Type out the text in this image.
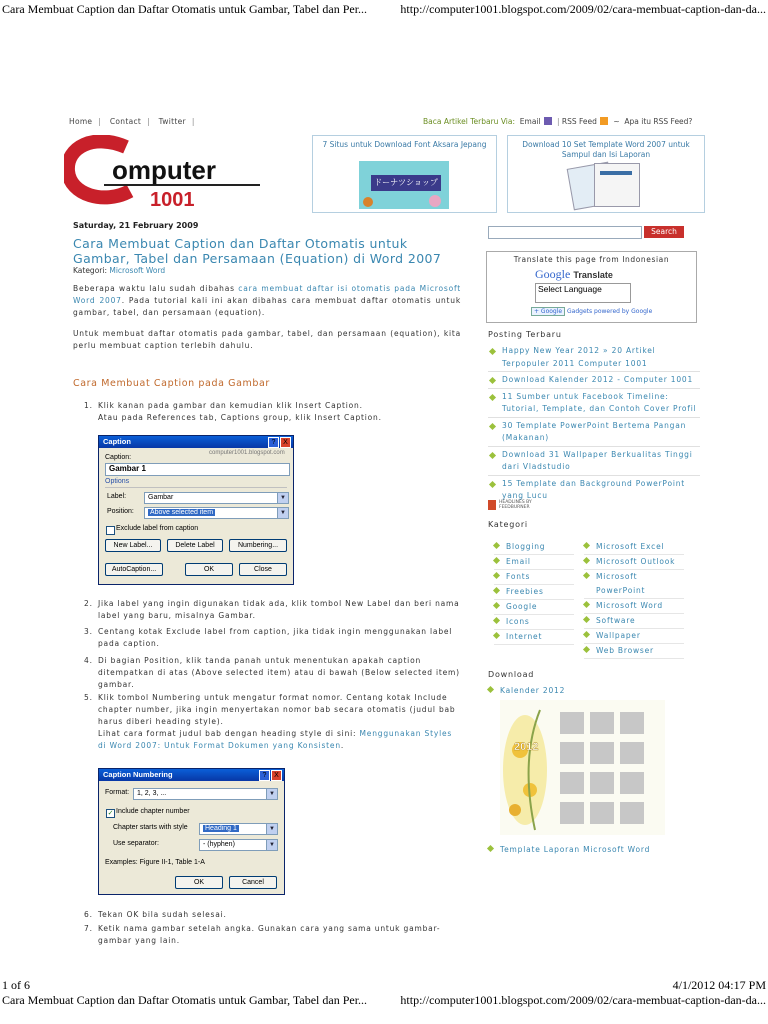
Cara Membuat Caption dan Daftar Otomatis untuk Gambar, Tabel dan Per...	http://computer1001.blogspot.com/2009/02/cara-membuat-caption-dan-da...
Home | Contact | Twitter |	Baca Artikel Terbaru Via: Email | RSS Feed ~ Apa itu RSS Feed?
omputer
1001
7 Situs untuk Download Font Aksara Jepang
ドーナツショップ
Download 10 Set Template Word 2007 untuk Sampul dan Isi Laporan
Saturday, 21 February 2009
Cara Membuat Caption dan Daftar Otomatis untuk Gambar, Tabel dan Persamaan (Equation) di Word 2007
Kategori: Microsoft Word
Beberapa waktu lalu sudah dibahas cara membuat daftar isi otomatis pada Microsoft Word 2007. Pada tutorial kali ini akan dibahas cara membuat daftar otomatis untuk gambar, tabel, dan persamaan (equation).
Untuk membuat daftar otomatis pada gambar, tabel, dan persamaan (equation), kita perlu membuat caption terlebih dahulu.
Cara Membuat Caption pada Gambar
1. Klik kanan pada gambar dan kemudian klik Insert Caption.
Atau pada References tab, Captions group, klik Insert Caption.
Caption	? X
computer1001.blogspot.com
Caption:
Gambar 1
Options
Label:	Gambar	▼
Position:	Above selected item	▼
Exclude label from caption
New Label...	Delete Label	Numbering...
AutoCaption...	OK	Close
2. Jika label yang ingin digunakan tidak ada, klik tombol New Label dan beri nama label yang baru, misalnya Gambar.
3. Centang kotak Exclude label from caption, jika tidak ingin menggunakan label pada caption.
4. Di bagian Position, klik tanda panah untuk menentukan apakah caption ditempatkan di atas (Above selected item) atau di bawah (Below selected item) gambar.
5. Klik tombol Numbering untuk mengatur format nomor. Centang kotak Include chapter number, jika ingin menyertakan nomor bab secara otomatis (judul bab harus diberi heading style).
Lihat cara format judul bab dengan heading style di sini: Menggunakan Styles di Word 2007: Untuk Format Dokumen yang Konsisten.
Caption Numbering	? X
Format:	1, 2, 3, ...	▼
✓ Include chapter number
Chapter starts with style	Heading 1	▼
Use separator:	- (hyphen)	▼
Examples: Figure II-1, Table 1-A
OK	Cancel
6. Tekan OK bila sudah selesai.
7. Ketik nama gambar setelah angka. Gunakan cara yang sama untuk gambar-gambar yang lain.
Search
Translate this page from Indonesian
Google Translate
Select Language
+ Google Gadgets powered by Google
Posting Terbaru
Happy New Year 2012 » 20 Artikel Terpopuler 2011 Computer 1001
Download Kalender 2012 - Computer 1001
11 Sumber untuk Facebook Timeline: Tutorial, Template, dan Contoh Cover Profil
30 Template PowerPoint Bertema Pangan (Makanan)
Download 31 Wallpaper Berkualitas Tinggi dari Vladstudio
15 Template dan Background PowerPoint yang Lucu
HEADLINES BY FEEDBURNER
Kategori
Blogging
Email
Fonts
Freebies
Google
Icons
Internet
Microsoft Excel
Microsoft Outlook
Microsoft PowerPoint
Microsoft Word
Software
Wallpaper
Web Browser
Download
Kalender 2012
2012
Template Laporan Microsoft Word
1 of 6	4/1/2012 04:17 PM
Cara Membuat Caption dan Daftar Otomatis untuk Gambar, Tabel dan Per...	http://computer1001.blogspot.com/2009/02/cara-membuat-caption-dan-da...
